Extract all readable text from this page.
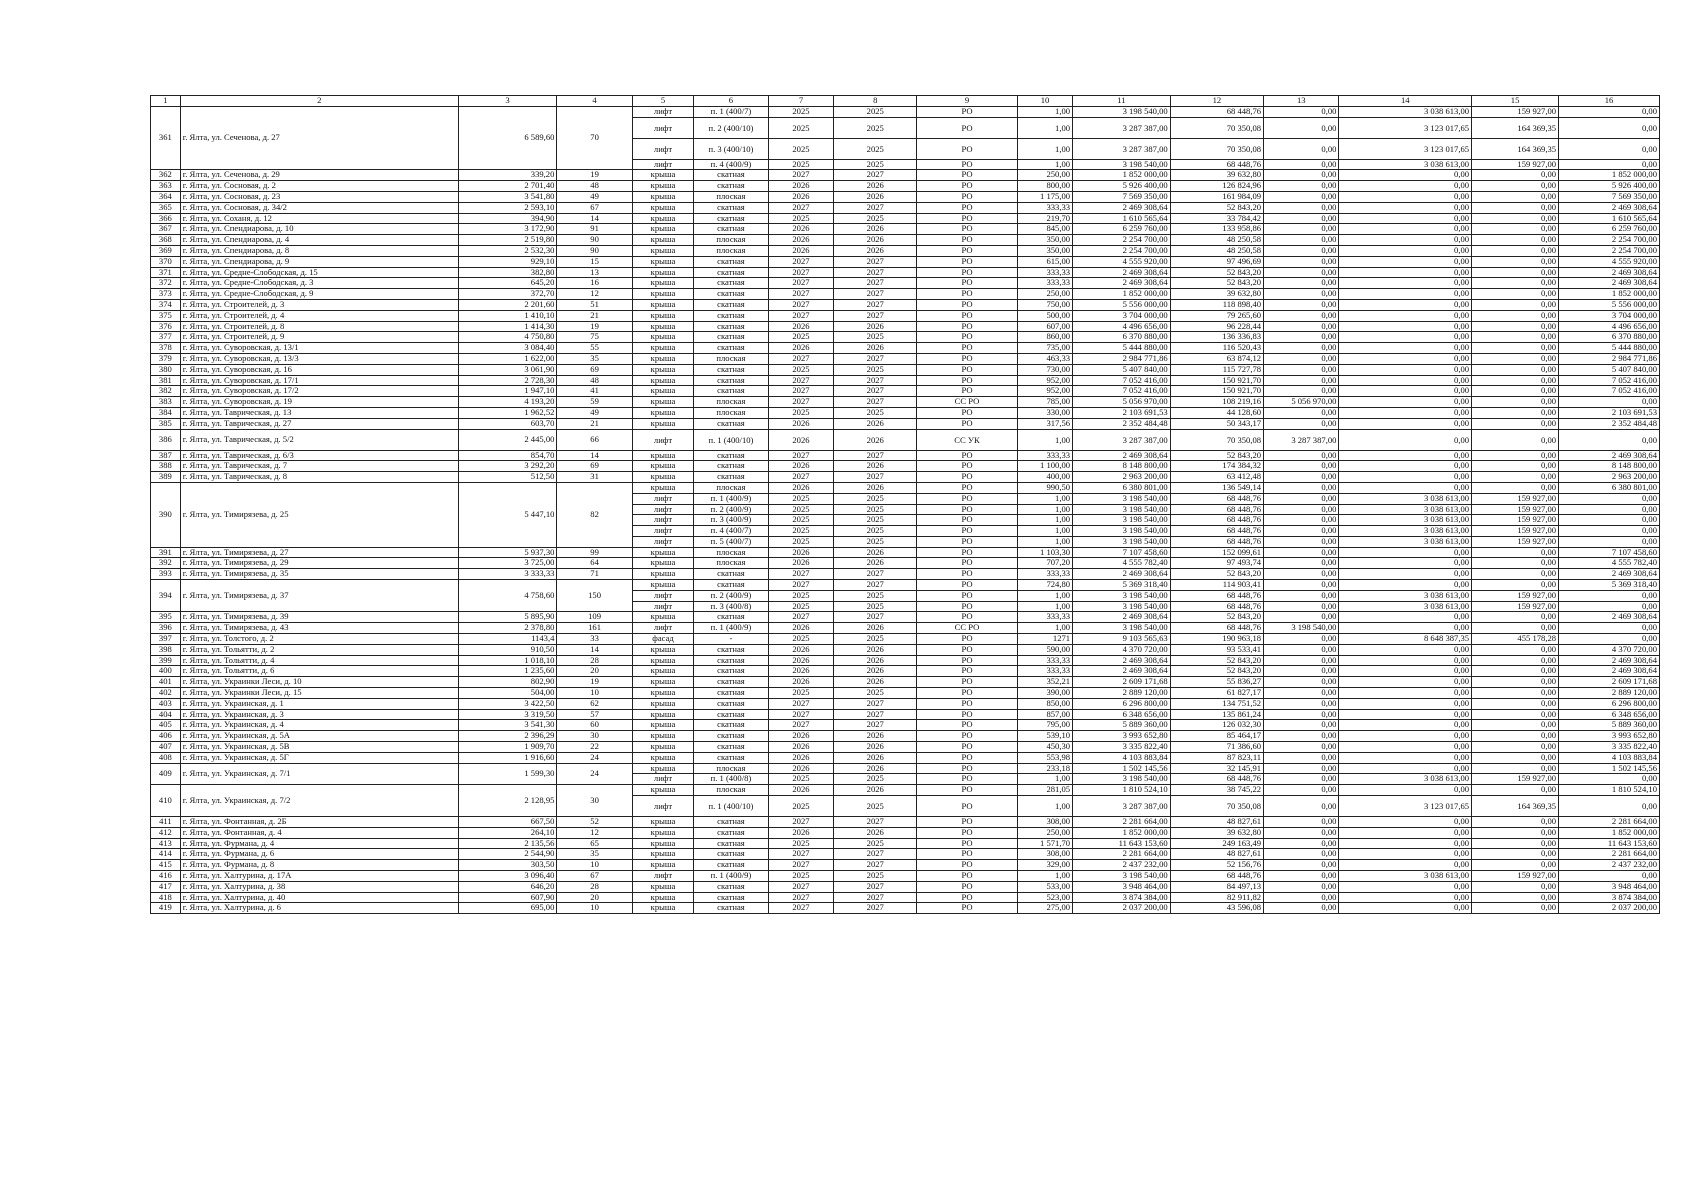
1	2	3	4	5	6	7	8	9	10	11	12	13	14	15	16
361	г. Ялта, ул. Сеченова, д. 27	6 589,60	70	лифт	п. 1 (400/7)	2025	2025	РО	1,00	3 198 540,00	68 448,76	0,00	3 038 613,00	159 927,00	0,00
				лифт	п. 2 (400/10)	2025	2025	РО	1,00	3 287 387,00	70 350,08	0,00	3 123 017,65	164 369,35	0,00
				лифт	п. 3 (400/10)	2025	2025	РО	1,00	3 287 387,00	70 350,08	0,00	3 123 017,65	164 369,35	0,00
				лифт	п. 4 (400/9)	2025	2025	РО	1,00	3 198 540,00	68 448,76	0,00	3 038 613,00	159 927,00	0,00
362	г. Ялта, ул. Сеченова, д. 29	339,20	19	крыша	скатная	2027	2027	РО	250,00	1 852 000,00	39 632,80	0,00	0,00	0,00	1 852 000,00
363	г. Ялта, ул. Сосновая, д. 2	2 701,40	48	крыша	скатная	2026	2026	РО	800,00	5 926 400,00	126 824,96	0,00	0,00	0,00	5 926 400,00
364	г. Ялта, ул. Сосновая, д. 23	3 541,80	49	крыша	плоская	2026	2026	РО	1 175,00	7 569 350,00	161 984,09	0,00	0,00	0,00	7 569 350,00
365	г. Ялта, ул. Сосновая, д. 34/2	2 593,10	67	крыша	скатная	2027	2027	РО	333,33	2 469 308,64	52 843,20	0,00	0,00	0,00	2 469 308,64
366	г. Ялта, ул. Соханя, д. 12	394,90	14	крыша	скатная	2025	2025	РО	219,70	1 610 565,64	33 784,42	0,00	0,00	0,00	1 610 565,64
367	г. Ялта, ул. Спендиарова, д. 10	3 172,90	91	крыша	скатная	2026	2026	РО	845,00	6 259 760,00	133 958,86	0,00	0,00	0,00	6 259 760,00
368	г. Ялта, ул. Спендиарова, д. 4	2 519,80	90	крыша	плоская	2026	2026	РО	350,00	2 254 700,00	48 250,58	0,00	0,00	0,00	2 254 700,00
369	г. Ялта, ул. Спендиарова, д. 8	2 532,30	90	крыша	плоская	2026	2026	РО	350,00	2 254 700,00	48 250,58	0,00	0,00	0,00	2 254 700,00
370	г. Ялта, ул. Спендиарова, д. 9	929,10	15	крыша	скатная	2027	2027	РО	615,00	4 555 920,00	97 496,69	0,00	0,00	0,00	4 555 920,00
371	г. Ялта, ул. Средне-Слободская, д. 15	382,80	13	крыша	скатная	2027	2027	РО	333,33	2 469 308,64	52 843,20	0,00	0,00	0,00	2 469 308,64
372	г. Ялта, ул. Средне-Слободская, д. 3	645,20	16	крыша	скатная	2027	2027	РО	333,33	2 469 308,64	52 843,20	0,00	0,00	0,00	2 469 308,64
373	г. Ялта, ул. Средне-Слободская, д. 9	372,70	12	крыша	скатная	2027	2027	РО	250,00	1 852 000,00	39 632,80	0,00	0,00	0,00	1 852 000,00
374	г. Ялта, ул. Строителей, д. 3	2 201,60	51	крыша	скатная	2027	2027	РО	750,00	5 556 000,00	118 898,40	0,00	0,00	0,00	5 556 000,00
375	г. Ялта, ул. Строителей, д. 4	1 410,10	21	крыша	скатная	2027	2027	РО	500,00	3 704 000,00	79 265,60	0,00	0,00	0,00	3 704 000,00
376	г. Ялта, ул. Строителей, д. 8	1 414,30	19	крыша	скатная	2026	2026	РО	607,00	4 496 656,00	96 228,44	0,00	0,00	0,00	4 496 656,00
377	г. Ялта, ул. Строителей, д. 9	4 750,80	75	крыша	скатная	2025	2025	РО	860,00	6 370 880,00	136 336,83	0,00	0,00	0,00	6 370 880,00
378	г. Ялта, ул. Суворовская, д. 13/1	3 084,40	55	крыша	скатная	2026	2026	РО	735,00	5 444 880,00	116 520,43	0,00	0,00	0,00	5 444 880,00
379	г. Ялта, ул. Суворовская, д. 13/3	1 622,00	35	крыша	плоская	2027	2027	РО	463,33	2 984 771,86	63 874,12	0,00	0,00	0,00	2 984 771,86
380	г. Ялта, ул. Суворовская, д. 16	3 061,90	69	крыша	скатная	2025	2025	РО	730,00	5 407 840,00	115 727,78	0,00	0,00	0,00	5 407 840,00
381	г. Ялта, ул. Суворовская, д. 17/1	2 728,30	48	крыша	скатная	2027	2027	РО	952,00	7 052 416,00	150 921,70	0,00	0,00	0,00	7 052 416,00
382	г. Ялта, ул. Суворовская, д. 17/2	1 947,10	41	крыша	скатная	2027	2027	РО	952,00	7 052 416,00	150 921,70	0,00	0,00	0,00	7 052 416,00
383	г. Ялта, ул. Суворовская, д. 19	4 193,20	59	крыша	плоская	2027	2027	СС РО	785,00	5 056 970,00	108 219,16	5 056 970,00	0,00	0,00	0,00
384	г. Ялта, ул. Таврическая, д. 13	1 962,52	49	крыша	плоская	2025	2025	РО	330,00	2 103 691,53	44 128,60	0,00	0,00	0,00	2 103 691,53
385	г. Ялта, ул. Таврическая, д. 27	603,70	21	крыша	скатная	2026	2026	РО	317,56	2 352 484,48	50 343,17	0,00	0,00	0,00	2 352 484,48
386	г. Ялта, ул. Таврическая, д. 5/2	2 445,00	66	лифт	п. 1 (400/10)	2026	2026	СС УК	1,00	3 287 387,00	70 350,08	3 287 387,00	0,00	0,00	0,00
387	г. Ялта, ул. Таврическая, д. 6/3	854,70	14	крыша	скатная	2027	2027	РО	333,33	2 469 308,64	52 843,20	0,00	0,00	0,00	2 469 308,64
388	г. Ялта, ул. Таврическая, д. 7	3 292,20	69	крыша	скатная	2026	2026	РО	1 100,00	8 148 800,00	174 384,32	0,00	0,00	0,00	8 148 800,00
389	г. Ялта, ул. Таврическая, д. 8	512,50	31	крыша	скатная	2027	2027	РО	400,00	2 963 200,00	63 412,48	0,00	0,00	0,00	2 963 200,00
390	г. Ялта, ул. Тимирязева, д. 25	5 447,10	82	крыша	плоская	2026	2026	РО	990,50	6 380 801,00	136 549,14	0,00	0,00	0,00	6 380 801,00
				лифт	п. 1 (400/9)	2025	2025	РО	1,00	3 198 540,00	68 448,76	0,00	3 038 613,00	159 927,00	0,00
				лифт	п. 2 (400/9)	2025	2025	РО	1,00	3 198 540,00	68 448,76	0,00	3 038 613,00	159 927,00	0,00
				лифт	п. 3 (400/9)	2025	2025	РО	1,00	3 198 540,00	68 448,76	0,00	3 038 613,00	159 927,00	0,00
				лифт	п. 4 (400/7)	2025	2025	РО	1,00	3 198 540,00	68 448,76	0,00	3 038 613,00	159 927,00	0,00
				лифт	п. 5 (400/7)	2025	2025	РО	1,00	3 198 540,00	68 448,76	0,00	3 038 613,00	159 927,00	0,00
391	г. Ялта, ул. Тимирязева, д. 27	5 937,30	99	крыша	плоская	2026	2026	РО	1 103,30	7 107 458,60	152 099,61	0,00	0,00	0,00	7 107 458,60
392	г. Ялта, ул. Тимирязева, д. 29	3 725,00	64	крыша	плоская	2026	2026	РО	707,20	4 555 782,40	97 493,74	0,00	0,00	0,00	4 555 782,40
393	г. Ялта, ул. Тимирязева, д. 35	3 333,33	71	крыша	скатная	2027	2027	РО	333,33	2 469 308,64	52 843,20	0,00	0,00	0,00	2 469 308,64
394	г. Ялта, ул. Тимирязева, д. 37	4 758,60	150	крыша	скатная	2027	2027	РО	724,80	5 369 318,40	114 903,41	0,00	0,00	0,00	5 369 318,40
				лифт	п. 2 (400/9)	2025	2025	РО	1,00	3 198 540,00	68 448,76	0,00	3 038 613,00	159 927,00	0,00
				лифт	п. 3 (400/8)	2025	2025	РО	1,00	3 198 540,00	68 448,76	0,00	3 038 613,00	159 927,00	0,00
395	г. Ялта, ул. Тимирязева, д. 39	5 895,90	109	крыша	скатная	2027	2027	РО	333,33	2 469 308,64	52 843,20	0,00	0,00	0,00	2 469 308,64
396	г. Ялта, ул. Тимирязева, д. 43	2 378,80	161	лифт	п. 1 (400/9)	2026	2026	СС РО	1,00	3 198 540,00	68 448,76	3 198 540,00	0,00	0,00	0,00
397	г. Ялта, ул. Толстого, д. 2	1143,4	33	фасад	-	2025	2025	РО	1271	9 103 565,63	190 963,18	0,00	8 648 387,35	455 178,28	0,00
398	г. Ялта, ул. Тольятти, д. 2	910,50	14	крыша	скатная	2026	2026	РО	590,00	4 370 720,00	93 533,41	0,00	0,00	0,00	4 370 720,00
399	г. Ялта, ул. Тольятти, д. 4	1 018,10	28	крыша	скатная	2026	2026	РО	333,33	2 469 308,64	52 843,20	0,00	0,00	0,00	2 469 308,64
400	г. Ялта, ул. Тольятти, д. 6	1 235,60	20	крыша	скатная	2026	2026	РО	333,33	2 469 308,64	52 843,20	0,00	0,00	0,00	2 469 308,64
401	г. Ялта, ул. Украинки Леси, д. 10	802,90	19	крыша	скатная	2026	2026	РО	352,21	2 609 171,68	55 836,27	0,00	0,00	0,00	2 609 171,68
402	г. Ялта, ул. Украинки Леси, д. 15	504,00	10	крыша	скатная	2025	2025	РО	390,00	2 889 120,00	61 827,17	0,00	0,00	0,00	2 889 120,00
403	г. Ялта, ул. Украинская, д. 1	3 422,50	62	крыша	скатная	2027	2027	РО	850,00	6 296 800,00	134 751,52	0,00	0,00	0,00	6 296 800,00
404	г. Ялта, ул. Украинская, д. 3	3 319,50	57	крыша	скатная	2027	2027	РО	857,00	6 348 656,00	135 861,24	0,00	0,00	0,00	6 348 656,00
405	г. Ялта, ул. Украинская, д. 4	3 541,30	60	крыша	скатная	2027	2027	РО	795,00	5 889 360,00	126 032,30	0,00	0,00	0,00	5 889 360,00
406	г. Ялта, ул. Украинская, д. 5А	2 396,29	30	крыша	скатная	2026	2026	РО	539,10	3 993 652,80	85 464,17	0,00	0,00	0,00	3 993 652,80
407	г. Ялта, ул. Украинская, д. 5В	1 909,70	22	крыша	скатная	2026	2026	РО	450,30	3 335 822,40	71 386,60	0,00	0,00	0,00	3 335 822,40
408	г. Ялта, ул. Украинская, д. 5Г	1 916,60	24	крыша	скатная	2026	2026	РО	553,98	4 103 883,84	87 823,11	0,00	0,00	0,00	4 103 883,84
409	г. Ялта, ул. Украинская, д. 7/1	1 599,30	24	крыша	плоская	2026	2026	РО	233,18	1 502 145,56	32 145,91	0,00	0,00	0,00	1 502 145,56
				лифт	п. 1 (400/8)	2025	2025	РО	1,00	3 198 540,00	68 448,76	0,00	3 038 613,00	159 927,00	0,00
410	г. Ялта, ул. Украинская, д. 7/2	2 128,95	30	крыша	плоская	2026	2026	РО	281,05	1 810 524,10	38 745,22	0,00	0,00	0,00	1 810 524,10
				лифт	п. 1 (400/10)	2025	2025	РО	1,00	3 287 387,00	70 350,08	0,00	3 123 017,65	164 369,35	0,00
411	г. Ялта, ул. Фонтанная, д. 2Б	667,50	52	крыша	скатная	2027	2027	РО	308,00	2 281 664,00	48 827,61	0,00	0,00	0,00	2 281 664,00
412	г. Ялта, ул. Фонтанная, д. 4	264,10	12	крыша	скатная	2026	2026	РО	250,00	1 852 000,00	39 632,80	0,00	0,00	0,00	1 852 000,00
413	г. Ялта, ул. Фурмана, д. 4	2 135,56	65	крыша	скатная	2025	2025	РО	1 571,70	11 643 153,60	249 163,49	0,00	0,00	0,00	11 643 153,60
414	г. Ялта, ул. Фурмана, д. 6	2 544,90	35	крыша	скатная	2027	2027	РО	308,00	2 281 664,00	48 827,61	0,00	0,00	0,00	2 281 664,00
415	г. Ялта, ул. Фурмана, д. 8	303,50	10	крыша	скатная	2027	2027	РО	329,00	2 437 232,00	52 156,76	0,00	0,00	0,00	2 437 232,00
416	г. Ялта, ул. Халтурина, д. 17А	3 096,40	67	лифт	п. 1 (400/9)	2025	2025	РО	1,00	3 198 540,00	68 448,76	0,00	3 038 613,00	159 927,00	0,00
417	г. Ялта, ул. Халтурина, д. 38	646,20	28	крыша	скатная	2027	2027	РО	533,00	3 948 464,00	84 497,13	0,00	0,00	0,00	3 948 464,00
418	г. Ялта, ул. Халтурина, д. 40	607,90	20	крыша	скатная	2027	2027	РО	523,00	3 874 384,00	82 911,82	0,00	0,00	0,00	3 874 384,00
419	г. Ялта, ул. Халтурина, д. 6	695,00	10	крыша	скатная	2027	2027	РО	275,00	2 037 200,00	43 596,08	0,00	0,00	0,00	2 037 200,00
